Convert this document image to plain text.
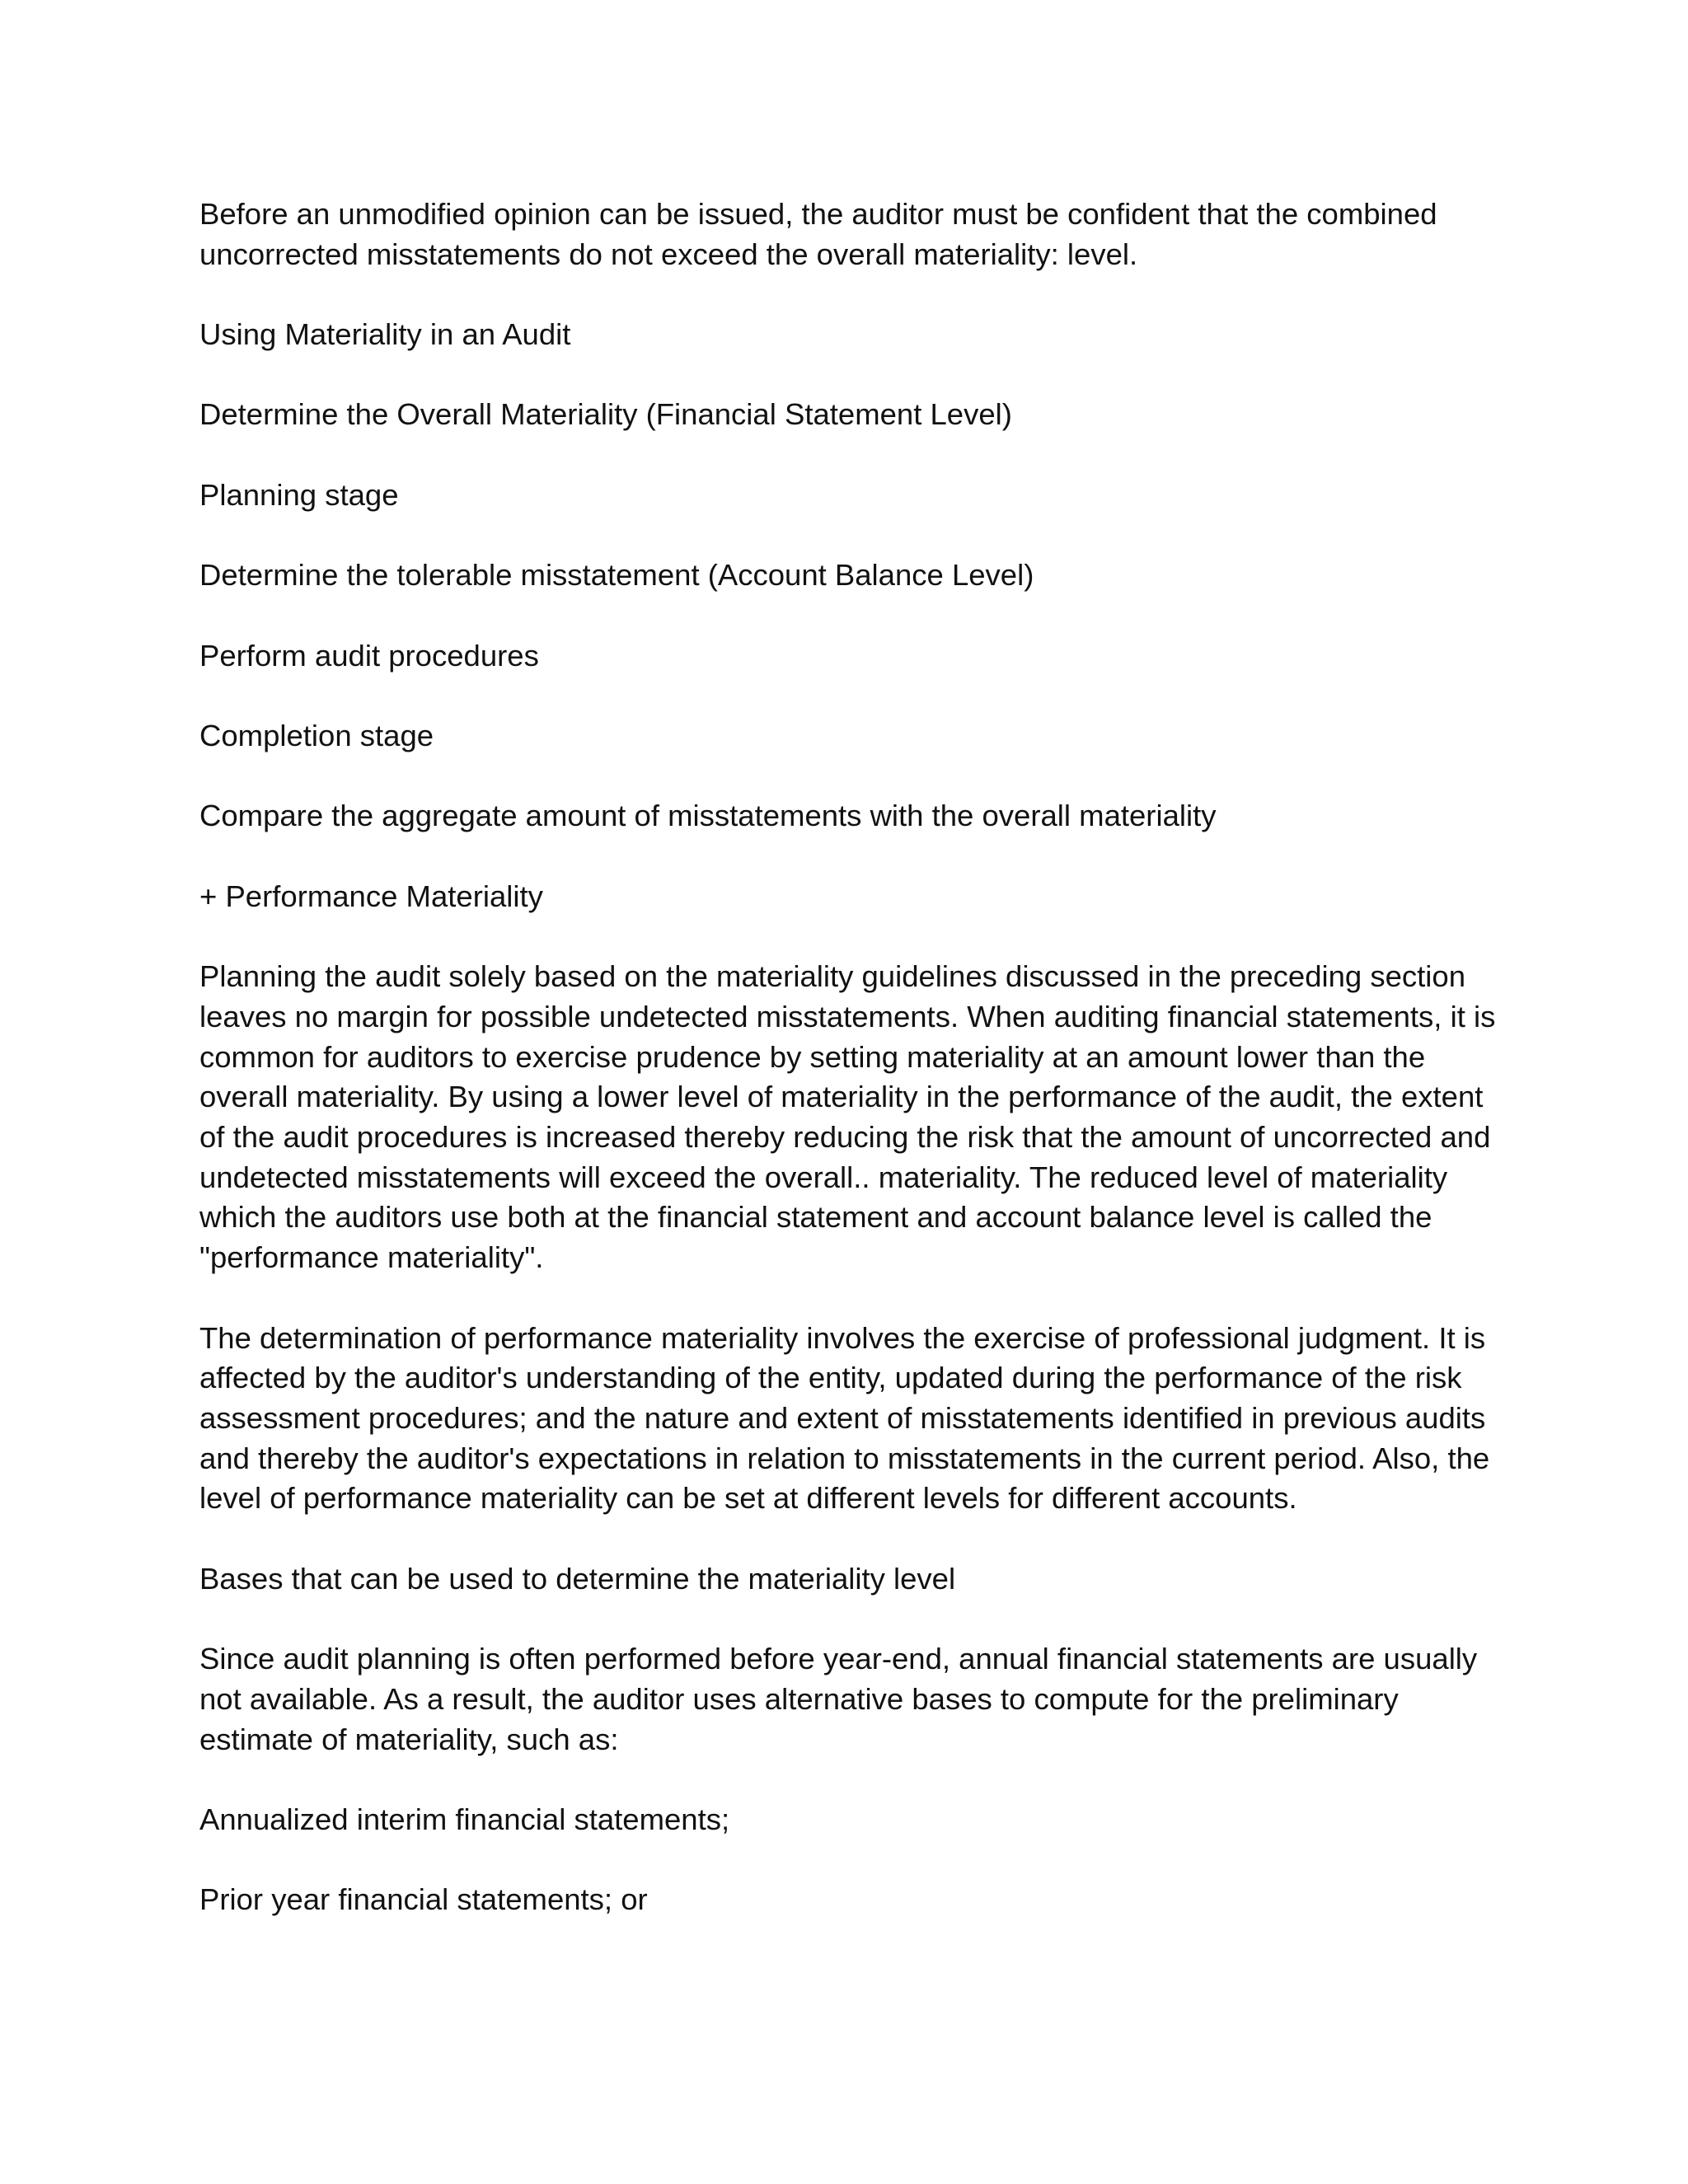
Before an unmodified opinion can be issued, the auditor must be confident that the combined uncorrected misstatements do not exceed the overall materiality: level.

Using Materiality in an Audit

Determine the Overall Materiality (Financial Statement Level)

Planning stage

Determine the tolerable misstatement (Account Balance Level)

Perform audit procedures

Completion stage

Compare the aggregate amount of misstatements with the overall materiality

+ Performance Materiality

Planning the audit solely based on the materiality guidelines discussed in the preceding section leaves no margin for possible undetected misstatements. When auditing financial statements, it is common for auditors to exercise prudence by setting materiality at an amount lower than the overall materiality. By using a lower level of materiality in the performance of the audit, the extent of the audit procedures is increased thereby reducing the risk that the amount of uncorrected and undetected misstatements will exceed the overall.. materiality. The reduced level of materiality which the auditors use both at the financial statement and account balance level is called the "performance materiality".

The determination of performance materiality involves the exercise of professional judgment. It is affected by the auditor's understanding of the entity, updated during the performance of the risk assessment procedures; and the nature and extent of misstatements identified in previous audits and thereby the auditor's expectations in relation to misstatements in the current period. Also, the level of performance materiality can be set at different levels for different accounts.

Bases that can be used to determine the materiality level

Since audit planning is often performed before year-end, annual financial statements are usually not available. As a result, the auditor uses alternative bases to compute for the preliminary estimate of materiality, such as:

Annualized interim financial statements;

Prior year financial statements; or
